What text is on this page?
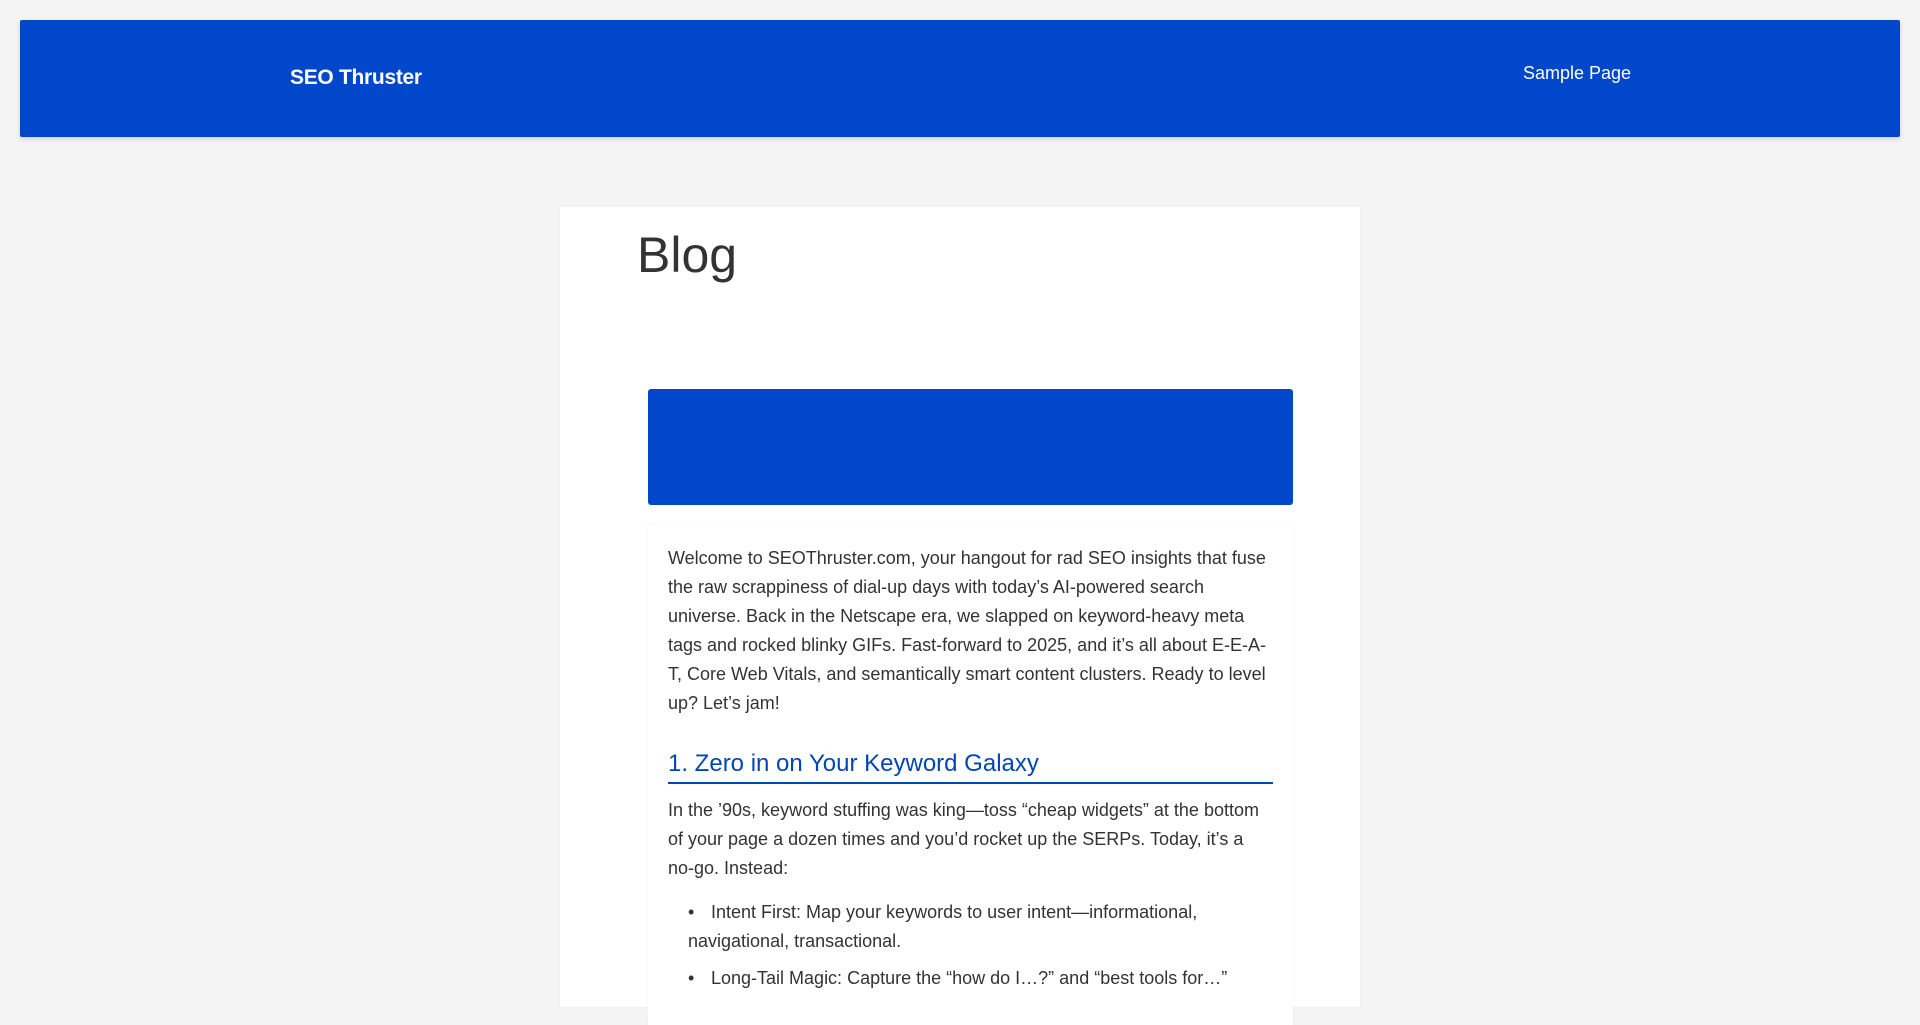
SEO Thruster	Sample Page
Blog

Welcome to SEOThruster.com, your hangout for rad SEO insights that fuse the raw scrappiness of dial-up days with today’s AI-powered search universe. Back in the Netscape era, we slapped on keyword-heavy meta tags and rocked blinky GIFs. Fast-forward to 2025, and it’s all about E-E-A-T, Core Web Vitals, and semantically smart content clusters. Ready to level up? Let’s jam!

1. Zero in on Your Keyword Galaxy

In the ’90s, keyword stuffing was king—toss “cheap widgets” at the bottom of your page a dozen times and you’d rocket up the SERPs. Today, it’s a no-go. Instead:

• Intent First: Map your keywords to user intent—informational, navigational, transactional.
• Long-Tail Magic: Capture the “how do I…?” and “best tools for…”
